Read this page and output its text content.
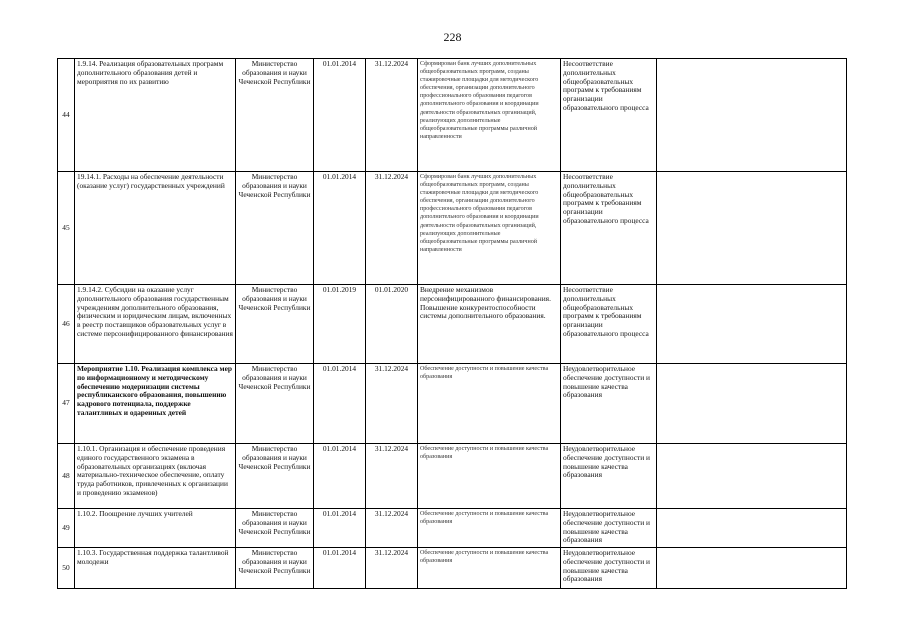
228
44	1.9.14. Реализация образовательных программ дополнительного образования детей и мероприятия по их развитию	Министерство образования и науки Чеченской Республики	01.01.2014	31.12.2024	Сформирован банк лучших дополнительных общеобразовательных программ, созданы стажировочные площадки для методического обеспечения, организации дополнительного профессионального образования педагогов дополнительного образования и координации деятельности образовательных организаций, реализующих дополнительные общеобразовательные программы различной направленности	Несоответствие дополнительных общеобразовательных программ к требованиям организации образовательного процесса	
45	19.14.1. Расходы на обеспечение деятельности (оказание услуг) государственных учреждений	Министерство образования и науки Чеченской Республики	01.01.2014	31.12.2024	Сформирован банк лучших дополнительных общеобразовательных программ, созданы стажировочные площадки для методического обеспечения, организации дополнительного профессионального образования педагогов дополнительного образования и координации деятельности образовательных организаций, реализующих дополнительные общеобразовательные программы различной направленности	Несоответствие дополнительных общеобразовательных программ к требованиям организации образовательного процесса	
46	1.9.14.2. Субсидии на оказание услуг дополнительного образования государственным учреждениям дополнительного образования, физическим и юридическим лицам, включенных в реестр поставщиков образовательных услуг в системе персонифицированного финансирования	Министерство образования и науки Чеченской Республики	01.01.2019	01.01.2020	Внедрение механизмов персонифицированного финансирования. Повышение конкурентоспособности системы дополнительного образования.	Несоответствие дополнительных общеобразовательных программ к требованиям организации образовательного процесса	
47	Мероприятие 1.10. Реализация комплекса мер по информационному и методическому обеспечению модернизации системы республиканского образования, повышению кадрового потенциала, поддержке талантливых и одаренных детей	Министерство образования и науки Чеченской Республики	01.01.2014	31.12.2024	Обеспечение доступности и повышение качества образования	Неудовлетворительное обеспечение доступности и повышение качества образования	
48	1.10.1. Организация и обеспечение проведения единого государственного экзамена в образовательных организациях (включая материально-техническое обеспечение, оплату труда работников, привлеченных к организации и проведению экзаменов)	Министерство образования и науки Чеченской Республики	01.01.2014	31.12.2024	Обеспечение доступности и повышение качества образования	Неудовлетворительное обеспечение доступности и повышение качества образования	
49	1.10.2. Поощрение лучших учителей	Министерство образования и науки Чеченской Республики	01.01.2014	31.12.2024	Обеспечение доступности и повышение качества образования	Неудовлетворительное обеспечение доступности и повышение качества образования	
50	1.10.3. Государственная поддержка талантливой молодежи	Министерство образования и науки Чеченской Республики	01.01.2014	31.12.2024	Обеспечение доступности и повышение качества образования	Неудовлетворительное обеспечение доступности и повышение качества образования	
